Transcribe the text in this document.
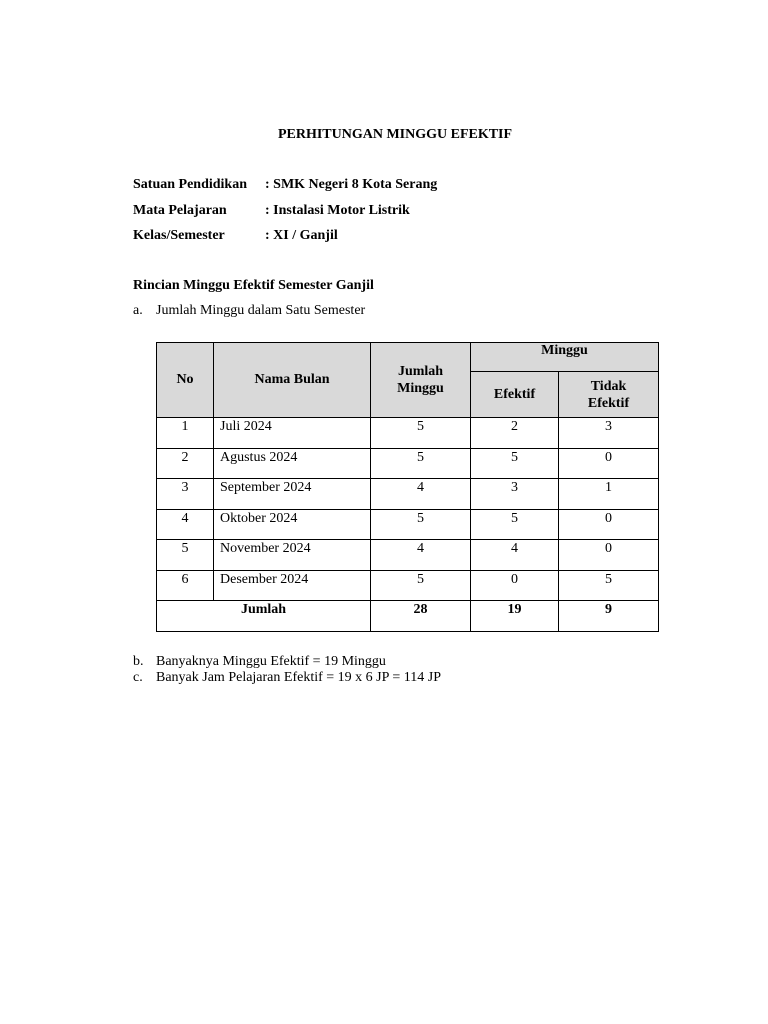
PERHITUNGAN MINGGU EFEKTIF
Satuan Pendidikan	: SMK Negeri 8 Kota Serang
Mata Pelajaran	: Instalasi Motor Listrik
Kelas/Semester	: XI / Ganjil
Rincian Minggu Efektif Semester Ganjil
a. Jumlah Minggu dalam Satu Semester
No	Nama Bulan	Jumlah Minggu	Minggu	
			Efektif	Tidak Efektif

1	Juli 2024	5	2	3
2	Agustus 2024	5	5	0
3	September 2024	4	3	1
4	Oktober 2024	5	5	0
5	November 2024	4	4	0
6	Desember 2024	5	0	5
Jumlah		28	19	9
b. Banyaknya Minggu Efektif = 19 Minggu
c. Banyak Jam Pelajaran Efektif = 19 x 6 JP = 114 JP
